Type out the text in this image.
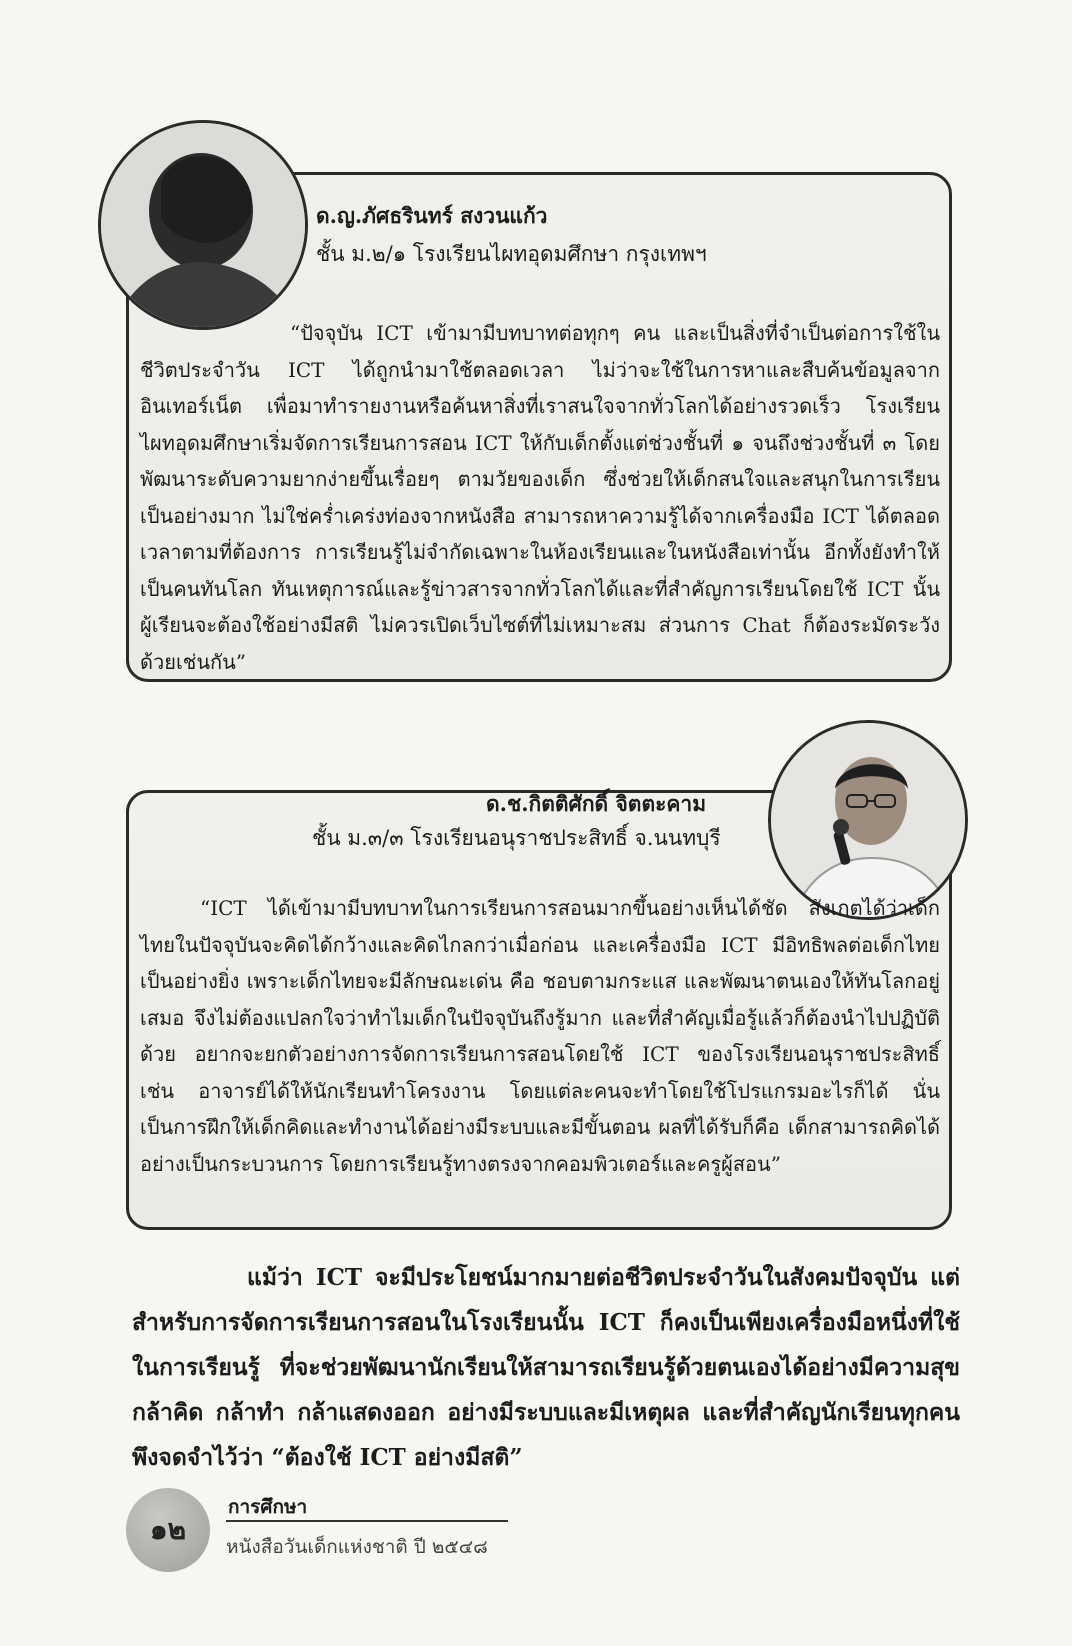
ด.ญ.ภัศธรินทร์ สงวนแก้ว
ชั้น ม.๒/๑ โรงเรียนไผทอุดมศึกษา กรุงเทพฯ

“ปัจจุบัน ICT เข้ามามีบทบาทต่อทุกๆ คน และเป็นสิ่งที่จำเป็นต่อการใช้ในชีวิตประจำวัน ICT ได้ถูกนำมาใช้ตลอดเวลา ไม่ว่าจะใช้ในการหาและสืบค้นข้อมูลจากอินเทอร์เน็ต เพื่อมาทำรายงานหรือค้นหาสิ่งที่เราสนใจจากทั่วโลกได้อย่างรวดเร็ว โรงเรียนไผทอุดมศึกษาเริ่มจัดการเรียนการสอน ICT ให้กับเด็กตั้งแต่ช่วงชั้นที่ ๑ จนถึงช่วงชั้นที่ ๓ โดยพัฒนาระดับความยากง่ายขึ้นเรื่อยๆ ตามวัยของเด็ก ซึ่งช่วยให้เด็กสนใจและสนุกในการเรียนเป็นอย่างมาก ไม่ใช่คร่ำเคร่งท่องจากหนังสือ สามารถหาความรู้ได้จากเครื่องมือ ICT ได้ตลอดเวลาตามที่ต้องการ การเรียนรู้ไม่จำกัดเฉพาะในห้องเรียนและในหนังสือเท่านั้น อีกทั้งยังทำให้เป็นคนทันโลก ทันเหตุการณ์และรู้ข่าวสารจากทั่วโลกได้และที่สำคัญการเรียนโดยใช้ ICT นั้น ผู้เรียนจะต้องใช้อย่างมีสติ ไม่ควรเปิดเว็บไซต์ที่ไม่เหมาะสม ส่วนการ Chat ก็ต้องระมัดระวังด้วยเช่นกัน”

ด.ช.กิตติศักดิ์ จิตตะคาม
ชั้น ม.๓/๓ โรงเรียนอนุราชประสิทธิ์ จ.นนทบุรี

“ICT ได้เข้ามามีบทบาทในการเรียนการสอนมากขึ้นอย่างเห็นได้ชัด สังเกตได้ว่าเด็กไทยในปัจจุบันจะคิดได้กว้างและคิดไกลกว่าเมื่อก่อน และเครื่องมือ ICT มีอิทธิพลต่อเด็กไทยเป็นอย่างยิ่ง เพราะเด็กไทยจะมีลักษณะเด่น คือ ชอบตามกระแส และพัฒนาตนเองให้ทันโลกอยู่เสมอ จึงไม่ต้องแปลกใจว่าทำไมเด็กในปัจจุบันถึงรู้มาก และที่สำคัญเมื่อรู้แล้วก็ต้องนำไปปฏิบัติด้วย อยากจะยกตัวอย่างการจัดการเรียนการสอนโดยใช้ ICT ของโรงเรียนอนุราชประสิทธิ์ เช่น อาจารย์ได้ให้นักเรียนทำโครงงาน โดยแต่ละคนจะทำโดยใช้โปรแกรมอะไรก็ได้ นั่นเป็นการฝึกให้เด็กคิดและทำงานได้อย่างมีระบบและมีขั้นตอน ผลที่ได้รับก็คือ เด็กสามารถคิดได้อย่างเป็นกระบวนการ โดยการเรียนรู้ทางตรงจากคอมพิวเตอร์และครูผู้สอน”

แม้ว่า ICT จะมีประโยชน์มากมายต่อชีวิตประจำวันในสังคมปัจจุบัน แต่สำหรับการจัดการเรียนการสอนในโรงเรียนนั้น ICT ก็คงเป็นเพียงเครื่องมือหนึ่งที่ใช้ในการเรียนรู้ ที่จะช่วยพัฒนานักเรียนให้สามารถเรียนรู้ด้วยตนเองได้อย่างมีความสุข กล้าคิด กล้าทำ กล้าแสดงออก อย่างมีระบบและมีเหตุผล และที่สำคัญนักเรียนทุกคนพึงจดจำไว้ว่า “ต้องใช้ ICT อย่างมีสติ”

๑๒
การศึกษา
หนังสือวันเด็กแห่งชาติ ปี ๒๕๔๘
